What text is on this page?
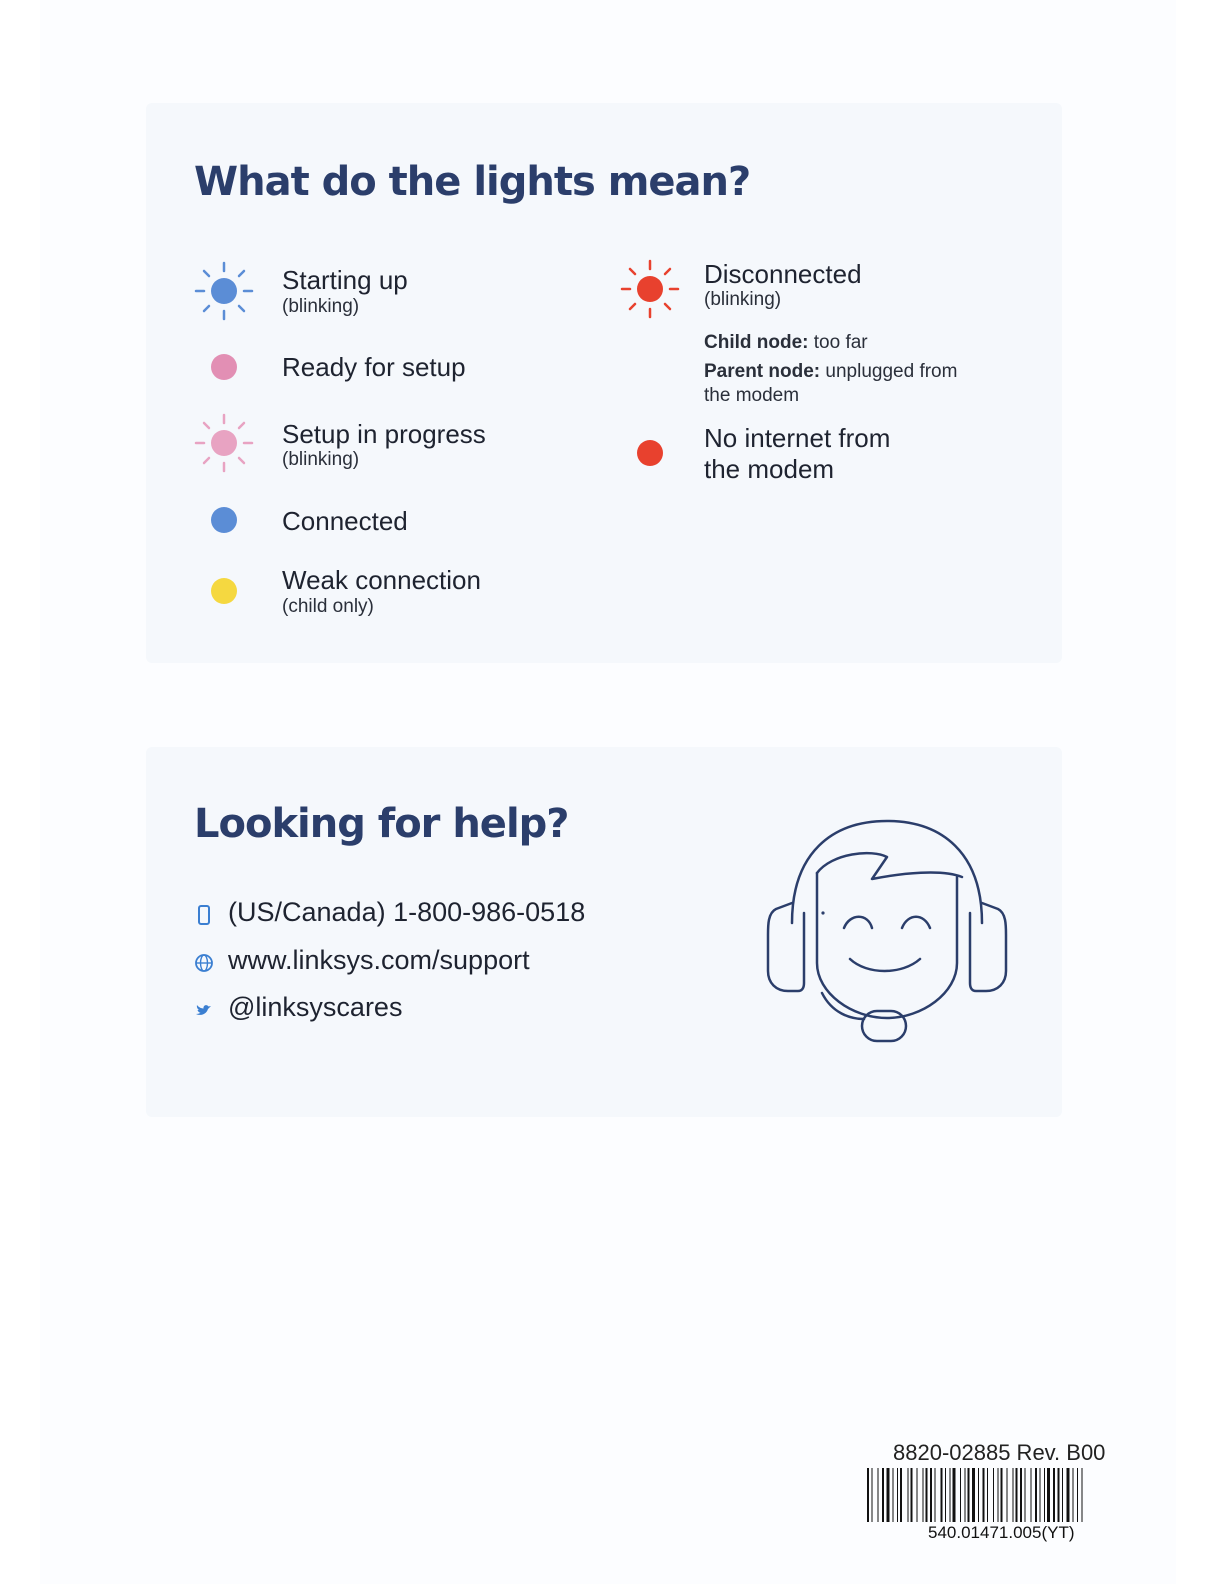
What do the lights mean?
Starting up
(blinking)
Ready for setup
Setup in progress
(blinking)
Connected
Weak connection
(child only)
Disconnected
(blinking)
Child node: too far
Parent node: unplugged from
the modem
No internet from
the modem
Looking for help?
(US/Canada) 1-800-986-0518
www.linksys.com/support
@linksyscares
8820-02885 Rev. B00
540.01471.005(YT)
